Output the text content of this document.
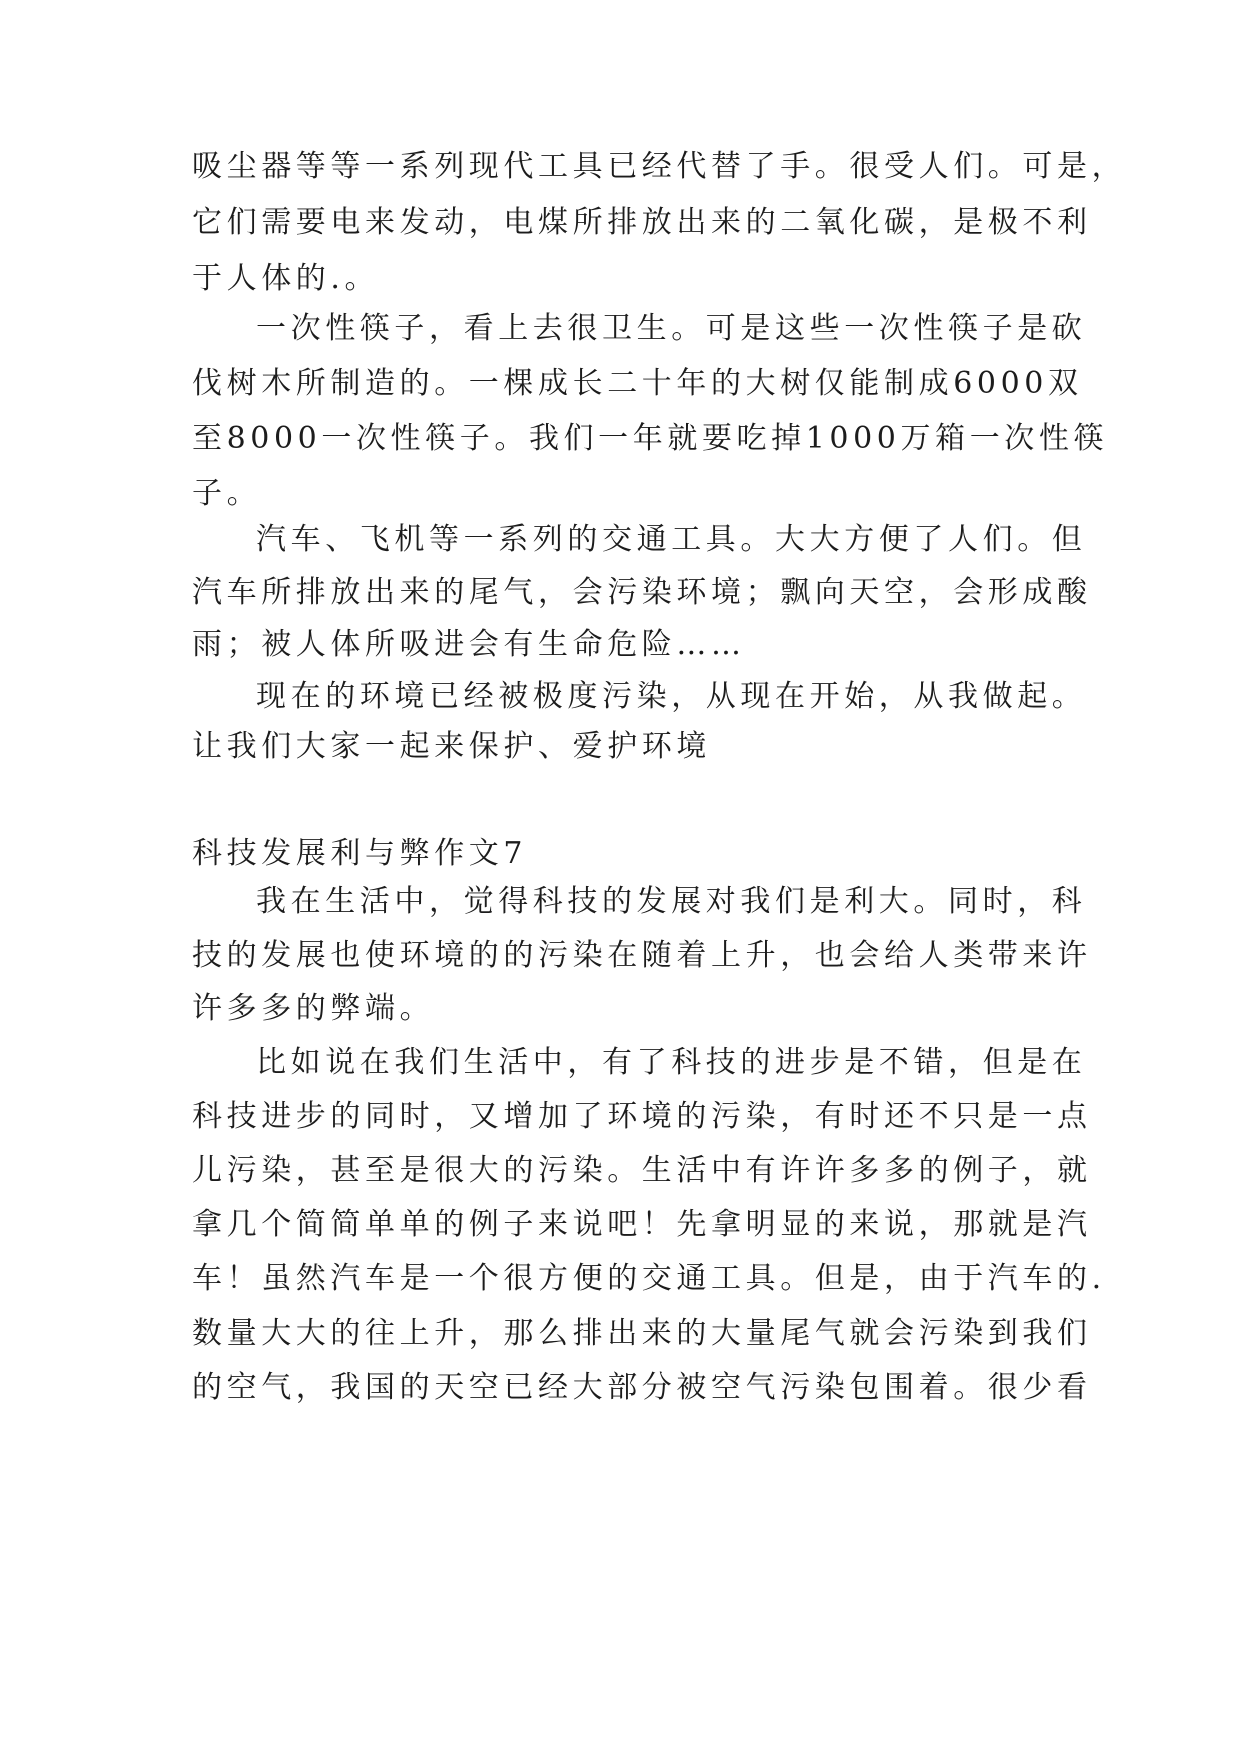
吸尘器等等一系列现代工具已经代替了手。很受人们。可是，
它们需要电来发动，电煤所排放出来的二氧化碳，是极不利
于人体的.。
一次性筷子，看上去很卫生。可是这些一次性筷子是砍
伐树木所制造的。一棵成长二十年的大树仅能制成6000双
至8000一次性筷子。我们一年就要吃掉1000万箱一次性筷
子。
汽车、飞机等一系列的交通工具。大大方便了人们。但
汽车所排放出来的尾气，会污染环境；飘向天空，会形成酸
雨；被人体所吸进会有生命危险……
现在的环境已经被极度污染，从现在开始，从我做起。
让我们大家一起来保护、爱护环境
科技发展利与弊作文7
我在生活中，觉得科技的发展对我们是利大。同时，科
技的发展也使环境的的污染在随着上升，也会给人类带来许
许多多的弊端。
比如说在我们生活中，有了科技的进步是不错，但是在
科技进步的同时，又增加了环境的污染，有时还不只是一点
儿污染，甚至是很大的污染。生活中有许许多多的例子，就
拿几个简简单单的例子来说吧！先拿明显的来说，那就是汽
车！虽然汽车是一个很方便的交通工具。但是，由于汽车的.
数量大大的往上升，那么排出来的大量尾气就会污染到我们
的空气，我国的天空已经大部分被空气污染包围着。很少看
